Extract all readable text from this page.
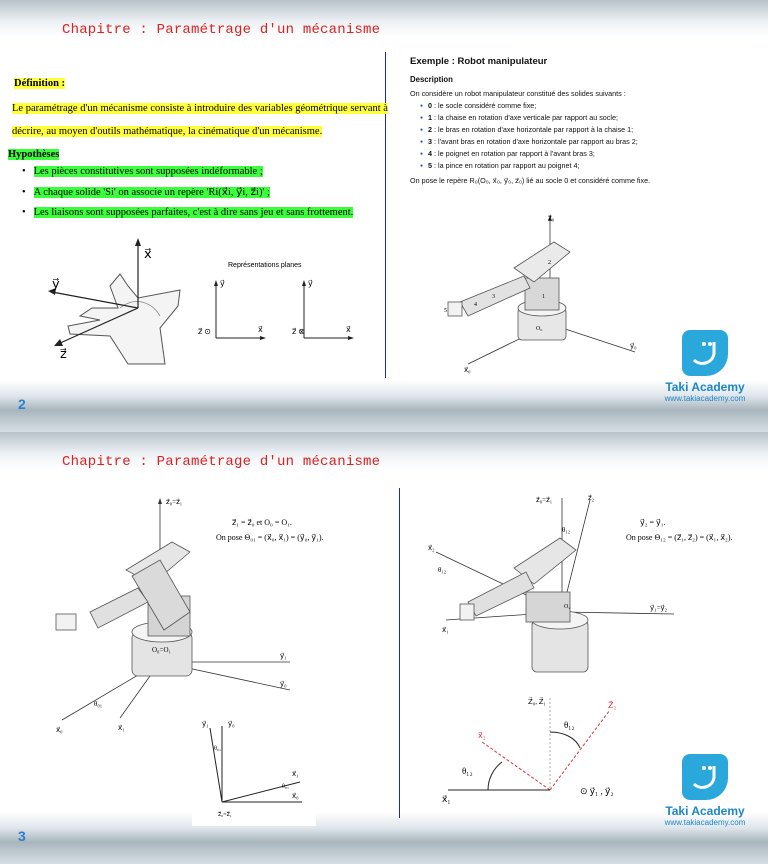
Chapitre : Paramétrage d'un mécanisme
Définition :
Le paramétrage d'un mécanisme consiste à introduire des variables géométrique servant à
décrire, au moyen d'outils mathématique, la cinématique d'un mécanisme.
Hypothèses
•   Les pièces constitutives sont supposées indéformable ;
•   A chaque solide 'Si' on associe un repère 'Ri(x⃗i, y⃗i, z⃗i)' ;
•   Les liaisons sont supposées parfaites, c'est à dire sans jeu et sans frottement.
x⃗
y⃗
z⃗
Représentations planes
y⃗
x⃗
z⃗ ⊙
y⃗
x⃗
z⃗ ⊗
Exemple : Robot manipulateur
Description
On considère un robot manipulateur constitué des solides suivants :
● 0 : le socle considéré comme fixe;
● 1 : la chaise en rotation d'axe verticale par rapport au socle;
● 2 : le bras en rotation d'axe horizontale par rapport à la chaise 1;
● 3 : l'avant bras en rotation d'axe horizontale par rapport au bras 2;
● 4 : le poignet en rotation par rapport à l'avant bras 3;
● 5 : la pince en rotation par rapport au poignet 4;
On pose le repère R₀(O₀, x⃗₀, y⃗₀, z⃗₀) lié au socle 0 et considéré comme fixe.
z⃗₀
y⃗₀
x⃗₀
O₀
1
2
3
4
5
Taki Academy
www.takiacademy.com
2
Chapitre : Paramétrage d'un mécanisme
z⃗₁ = z⃗₀ et O₀ = O₁.
On pose Θ₀₁ = (x⃗₀, x⃗₁) = (y⃗₀, y⃗₁).
z⃗₀=z⃗₁
O₀=O₁
y⃗₁
y⃗₀
x⃗₀	x⃗₁
θ₀₁
y⃗₁	y⃗₀
x⃗₁
x⃗₀
θ₀₁
θ₀₁
z⃗₀=z⃗₁
y⃗₂ = y⃗₁.
On pose Θ₁₂ = (z⃗₁, z⃗₂) = (x⃗₁, x⃗₂).
z⃗₀=z⃗₁	z⃗₂
x⃗₂
θ₁₂
θ₁₂
y⃗₁=y⃗₂
O₂
x⃗₁
Z⃗₀, Z⃗₁	Z⃗₂
x⃗₂
θ₁₂
θ₁₂
x⃗₁
⊙ y⃗₁ , y⃗₂
Taki Academy
www.takiacademy.com
3
